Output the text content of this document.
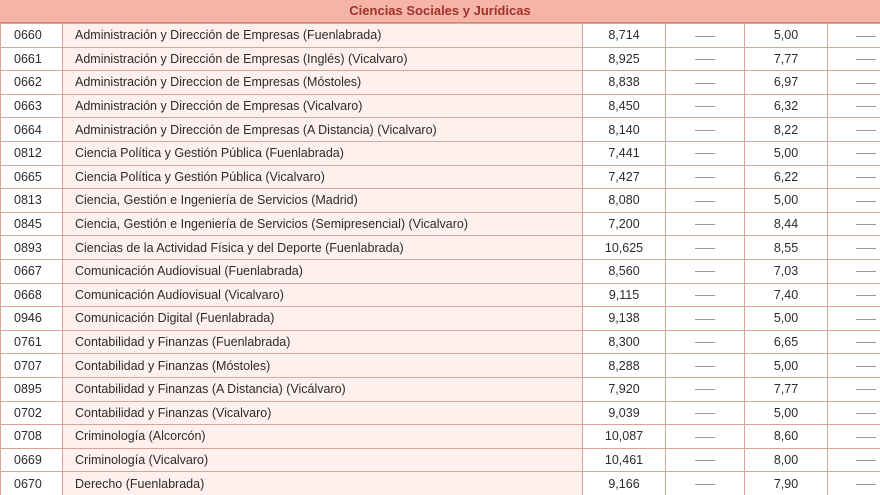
Ciencias Sociales y Jurídicas
0660	Administración y Dirección de Empresas (Fuenlabrada)	8,714		5,00	
0661	Administración y Dirección de Empresas (Inglés) (Vicalvaro)	8,925		7,77	
0662	Administración y Direccion de Empresas (Móstoles)	8,838		6,97	
0663	Administración y Dirección de Empresas (Vicalvaro)	8,450		6,32	
0664	Administración y Dirección de Empresas (A Distancia) (Vicalvaro)	8,140		8,22	
0812	Ciencia Política y Gestión Pública (Fuenlabrada)	7,441		5,00	
0665	Ciencia Política y Gestión Pública (Vicalvaro)	7,427		6,22	
0813	Ciencia, Gestión e Ingeniería de Servicios (Madrid)	8,080		5,00	
0845	Ciencia, Gestión e Ingeniería de Servicios (Semipresencial) (Vicalvaro)	7,200		8,44	
0893	Ciencias de la Actividad Física y del Deporte (Fuenlabrada)	10,625		8,55	
0667	Comunicación Audiovisual (Fuenlabrada)	8,560		7,03	
0668	Comunicación Audiovisual (Vicalvaro)	9,115		7,40	
0946	Comunicación Digital (Fuenlabrada)	9,138		5,00	
0761	Contabilidad y Finanzas (Fuenlabrada)	8,300		6,65	
0707	Contabilidad y Finanzas (Móstoles)	8,288		5,00	
0895	Contabilidad y Finanzas (A Distancia) (Vicálvaro)	7,920		7,77	
0702	Contabilidad y Finanzas (Vicalvaro)	9,039		5,00	
0708	Criminología (Alcorcón)	10,087		8,60	
0669	Criminología (Vicalvaro)	10,461		8,00	
0670	Derecho (Fuenlabrada)	9,166		7,90	
